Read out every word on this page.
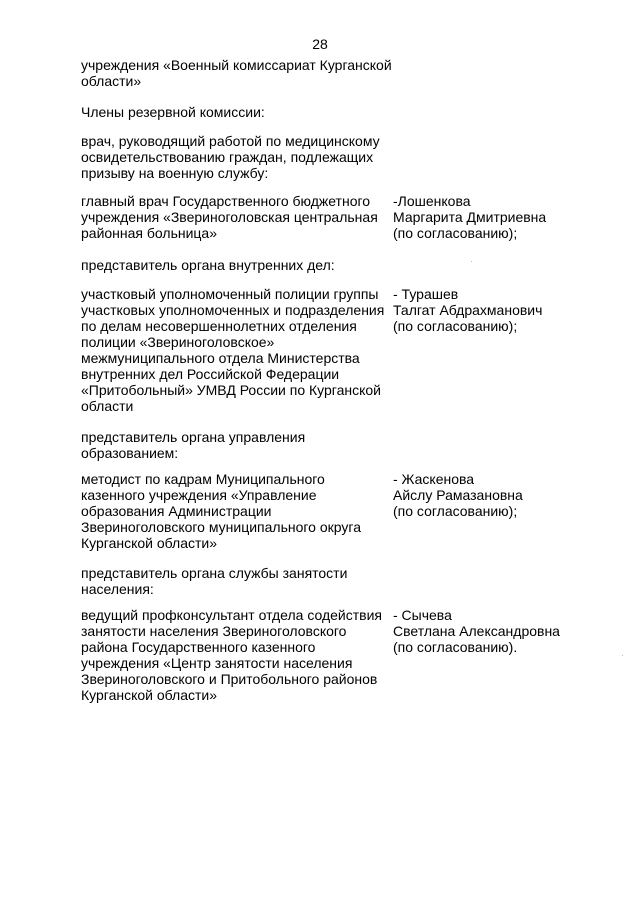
28

учреждения «Военный комиссариат Курганской
области»

Члены резервной комиссии:

врач, руководящий работой по медицинскому
освидетельствованию граждан, подлежащих
призыву на военную службу:

главный врач Государственного бюджетного
учреждения «Звериноголовская центральная
районная больница»

-Лошенкова
Маргарита Дмитриевна
(по согласованию);

представитель органа внутренних дел:

участковый уполномоченный полиции группы
участковых уполномоченных и подразделения
по делам несовершеннолетних отделения
полиции «Звериноголовское»
межмуниципального отдела Министерства
внутренних дел Российской Федерации
«Притобольный» УМВД России по Курганской
области

- Турашев
Талгат Абдрахманович
(по согласованию);

представитель органа управления
образованием:

методист по кадрам Муниципального
казенного учреждения «Управление
образования Администрации
Звериноголовского муниципального округа
Курганской области»

- Жаскенова
Айслу Рамазановна
(по согласованию);

представитель органа службы занятости
населения:

ведущий профконсультант отдела содействия
занятости населения Звериноголовского
района Государственного казенного
учреждения «Центр занятости населения
Звериноголовского и Притобольного районов
Курганской области»

- Сычева
Светлана Александровна
(по согласованию).
